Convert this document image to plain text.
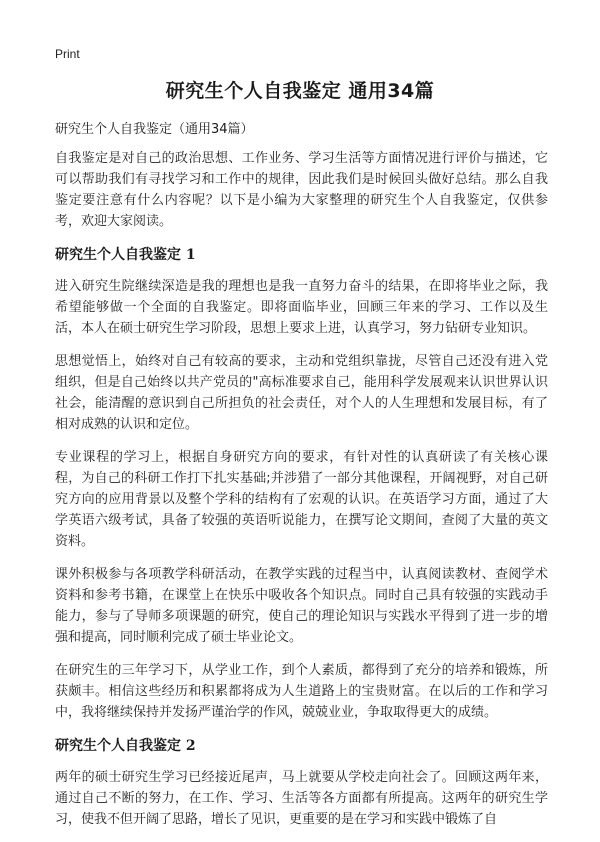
Print
研究生个人自我鉴定 通用34篇
研究生个人自我鉴定（通用34篇）

自我鉴定是对自己的政治思想、工作业务、学习生活等方面情况进行评价与描述，它可以帮助我们有寻找学习和工作中的规律，因此我们是时候回头做好总结。那么自我鉴定要注意有什么内容呢？以下是小编为大家整理的研究生个人自我鉴定，仅供参考，欢迎大家阅读。

研究生个人自我鉴定 1

进入研究生院继续深造是我的理想也是我一直努力奋斗的结果，在即将毕业之际，我希望能够做一个全面的自我鉴定。即将面临毕业，回顾三年来的学习、工作以及生活，本人在硕士研究生学习阶段，思想上要求上进，认真学习，努力钻研专业知识。

思想觉悟上，始终对自己有较高的要求，主动和党组织靠拢，尽管自己还没有进入党组织，但是自己始终以共产党员的"高标准要求自己，能用科学发展观来认识世界认识社会，能清醒的意识到自己所担负的社会责任，对个人的人生理想和发展目标，有了相对成熟的认识和定位。

专业课程的学习上，根据自身研究方向的要求，有针对性的认真研读了有关核心课程，为自己的科研工作打下扎实基础;并涉猎了一部分其他课程，开阔视野，对自己研究方向的应用背景以及整个学科的结构有了宏观的认识。在英语学习方面，通过了大学英语六级考试，具备了较强的英语听说能力，在撰写论文期间，查阅了大量的英文资料。

课外积极参与各项教学科研活动，在教学实践的过程当中，认真阅读教材、查阅学术资料和参考书籍，在课堂上在快乐中吸收各个知识点。同时自己具有较强的实践动手能力，参与了导师多项课题的研究，使自己的理论知识与实践水平得到了进一步的增强和提高，同时顺利完成了硕士毕业论文。

在研究生的三年学习下，从学业工作，到个人素质，都得到了充分的培养和锻炼，所获颇丰。相信这些经历和积累都将成为人生道路上的宝贵财富。在以后的工作和学习中，我将继续保持并发扬严谨治学的作风，兢兢业业，争取取得更大的成绩。

研究生个人自我鉴定 2

两年的硕士研究生学习已经接近尾声，马上就要从学校走向社会了。回顾这两年来，通过自己不断的努力，在工作、学习、生活等各方面都有所提高。这两年的研究生学习，使我不但开阔了思路，增长了见识，更重要的是在学习和实践中锻炼了自
